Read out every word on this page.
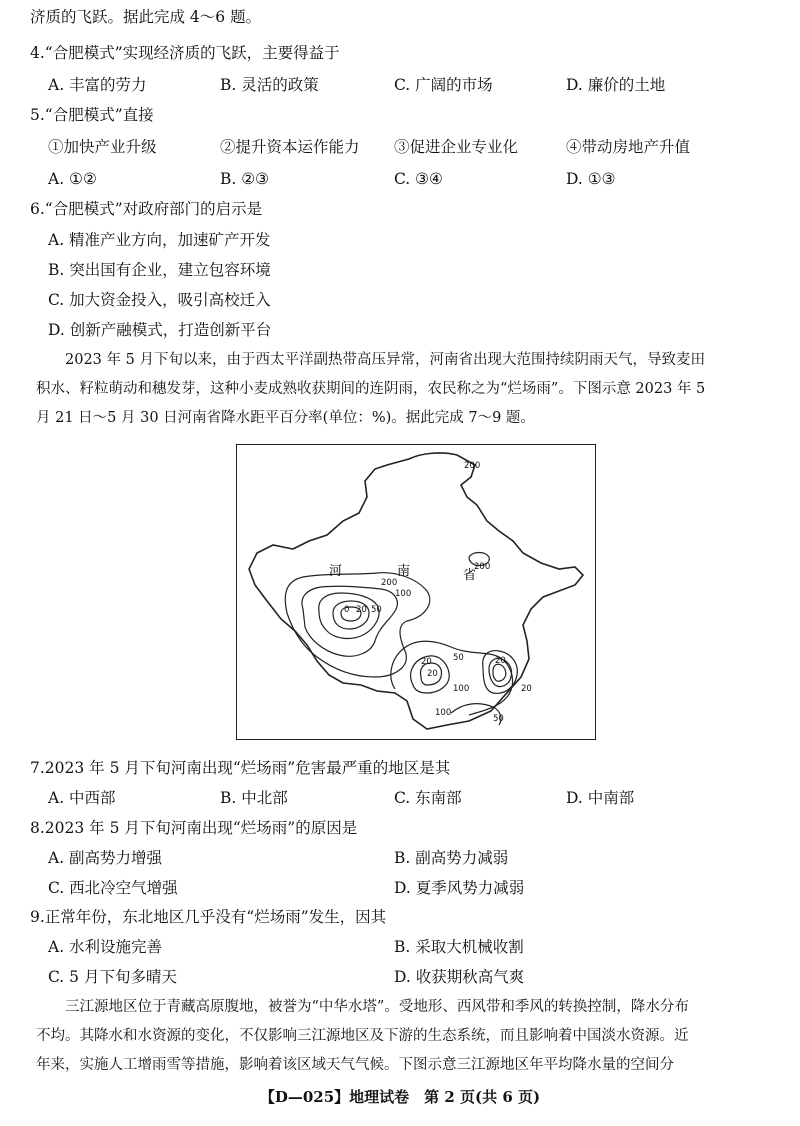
济质的飞跃。据此完成 4～6 题。
4.“合肥模式”实现经济质的飞跃，主要得益于
A. 丰富的劳力	B. 灵活的政策	C. 广阔的市场	D. 廉价的土地
5.“合肥模式”直接
①加快产业升级	②提升资本运作能力 ③促进企业专业化	④带动房地产升值
A. ①②	B. ②③	C. ③④	D. ①③
6.“合肥模式”对政府部门的启示是
A. 精准产业方向，加速矿产开发
B. 突出国有企业，建立包容环境
C. 加大资金投入，吸引高校迁入
D. 创新产融模式，打造创新平台

2023 年 5 月下旬以来，由于西太平洋副热带高压异常，河南省出现大范围持续阴雨天气，导致麦田

积水、籽粒萌动和穗发芽，这种小麦成熟收获期间的连阴雨，农民称之为“烂场雨”。下图示意 2023 年 5

月 21 日～5 月 30 日河南省降水距平百分率(单位：%)。据此完成 7～9 题。

河	南	省
200
200
200
100
0 20 50
50
20
20
100
20
20
100
50
7.2023 年 5 月下旬河南出现“烂场雨”危害最严重的地区是其
A. 中西部	B. 中北部	C. 东南部	D. 中南部
8.2023 年 5 月下旬河南出现“烂场雨”的原因是
A. 副高势力增强	B. 副高势力减弱
C. 西北冷空气增强	D. 夏季风势力减弱
9.正常年份，东北地区几乎没有“烂场雨”发生，因其
A. 水利设施完善	B. 采取大机械收割
C. 5 月下旬多晴天	D. 收获期秋高气爽

三江源地区位于青藏高原腹地，被誉为“中华水塔”。受地形、西风带和季风的转换控制，降水分布

不均。其降水和水资源的变化，不仅影响三江源地区及下游的生态系统，而且影响着中国淡水资源。近

年来，实施人工增雨雪等措施，影响着该区域天气气候。下图示意三江源地区年平均降水量的空间分

【D—025】地理试卷　第 2 页(共 6 页)
